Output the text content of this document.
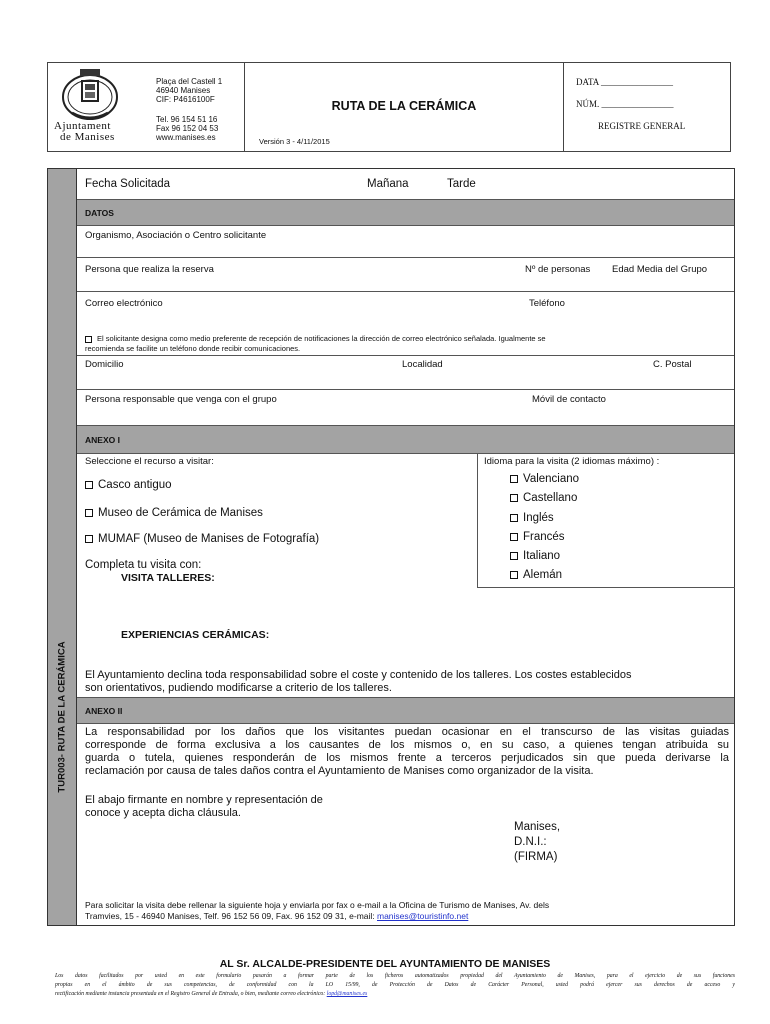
Ajuntament
de Manises
Plaça del Castell 1
46940 Manises
CIF: P4616100F
Tel. 96 154 51 16
Fax 96 152 04 53
www.manises.es
RUTA DE LA CERÁMICA
Versión 3 - 4/11/2015
DATA ________________
NÚM. ________________
REGISTRE GENERAL
TUR003- RUTA DE LA CERÁMICA
Fecha Solicitada	Mañana	Tarde
DATOS
Organismo, Asociación o Centro solicitante
Persona que realiza la reserva	Nº de personas Edad Media del Grupo
Correo electrónico	Teléfono
El solicitante designa como medio preferente de recepción de notificaciones la dirección de correo electrónico señalada. Igualmente se
recomienda se facilite un teléfono donde recibir comunicaciones.
Domicilio	Localidad	C. Postal
Persona responsable que venga con el grupo	Móvil de contacto
ANEXO I
Seleccione el recurso a visitar:
Casco antiguo
Museo de Cerámica de Manises
MUMAF (Museo de Manises de Fotografía)
Completa tu visita con:
VISITA TALLERES:
Idioma para la visita (2 idiomas máximo) :
Valenciano
Castellano
Inglés
Francés
Italiano
Alemán
EXPERIENCIAS CERÁMICAS:
El Ayuntamiento declina toda responsabilidad sobre el coste y contenido de los talleres. Los costes establecidos
son orientativos, pudiendo modificarse a criterio de los talleres.
ANEXO II
La responsabilidad por los daños que los visitantes puedan ocasionar en el transcurso de las visitas guiadas
corresponde de forma exclusiva a los causantes de los mismos o, en su caso, a quienes tengan atribuida su
guarda o tutela, quienes responderán de los mismos frente a terceros perjudicados sin que pueda derivarse la
reclamación por causa de tales daños contra el Ayuntamiento de Manises como organizador de la visita.
El abajo firmante en nombre y representación de
conoce y acepta dicha cláusula.
Manises,
D.N.I.:
(FIRMA)
Para solicitar la visita debe rellenar la siguiente hoja y enviarla por fax o e-mail a la Oficina de Turismo de Manises, Av. dels
Tramvies, 15 - 46940 Manises, Telf. 96 152 56 09, Fax. 96 152 09 31, e-mail: manises@touristinfo.net
AL Sr. ALCALDE-PRESIDENTE DEL AYUNTAMIENTO DE MANISES
Los datos facilitados por usted en este formulario pasarán a formar parte de los ficheros automatizados propiedad del Ayuntamiento de Manises, para el ejercicio de sus funciones
propias en el ámbito de sus competencias, de conformidad con la LO 15/99, de Protección de Datos de Carácter Personal, usted podrá ejercer sus derechos de acceso y
rectificación mediante instancia presentada en el Registro General de Entrada, o bien, mediante correo electrónico: lopd@manises.es
